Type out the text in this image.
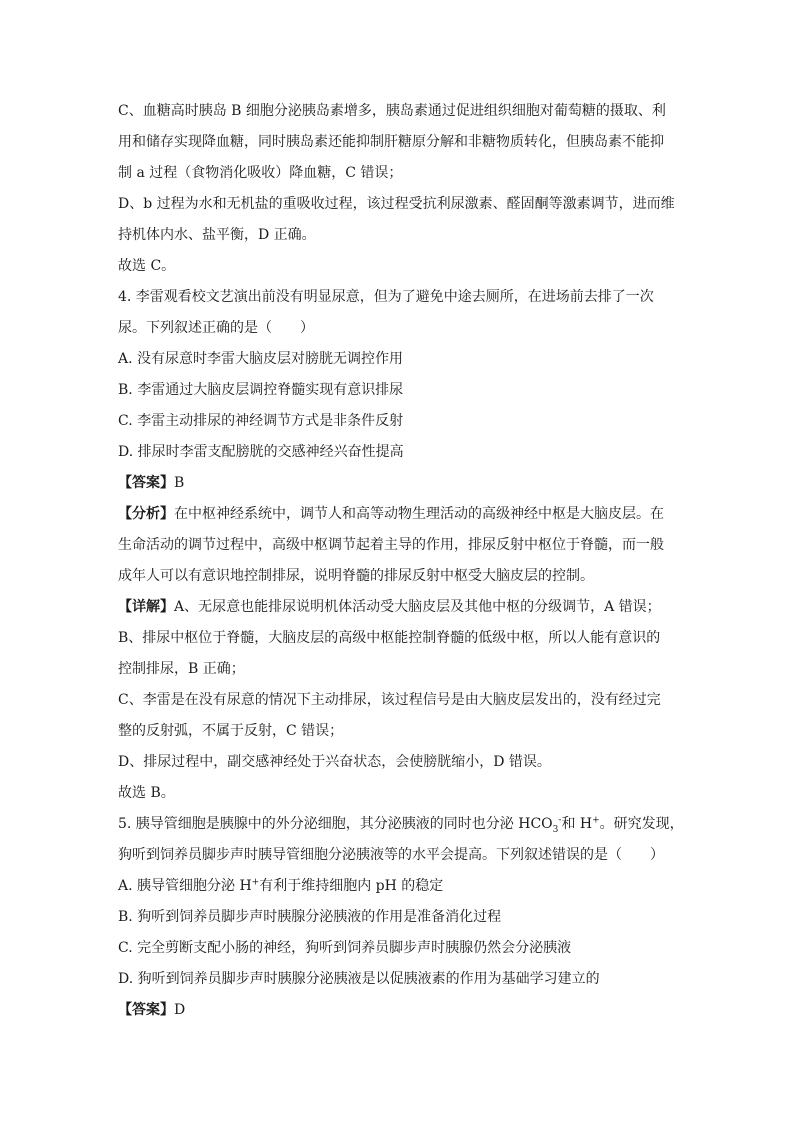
C、血糖高时胰岛 B 细胞分泌胰岛素增多，胰岛素通过促进组织细胞对葡萄糖的摄取、利

用和储存实现降血糖，同时胰岛素还能抑制肝糖原分解和非糖物质转化，但胰岛素不能抑

制 a 过程（食物消化吸收）降血糖，C 错误；

D、b 过程为水和无机盐的重吸收过程，该过程受抗利尿激素、醛固酮等激素调节，进而维

持机体内水、盐平衡，D 正确。

故选 C。

4. 李雷观看校文艺演出前没有明显尿意，但为了避免中途去厕所，在进场前去排了一次

尿。下列叙述正确的是（　　）

A. 没有尿意时李雷大脑皮层对膀胱无调控作用

B. 李雷通过大脑皮层调控脊髓实现有意识排尿

C. 李雷主动排尿的神经调节方式是非条件反射

D. 排尿时李雷支配膀胱的交感神经兴奋性提高

【答案】B

【分析】在中枢神经系统中，调节人和高等动物生理活动的高级神经中枢是大脑皮层。在

生命活动的调节过程中，高级中枢调节起着主导的作用，排尿反射中枢位于脊髓，而一般

成年人可以有意识地控制排尿，说明脊髓的排尿反射中枢受大脑皮层的控制。

【详解】A、无尿意也能排尿说明机体活动受大脑皮层及其他中枢的分级调节，A 错误；

B、排尿中枢位于脊髓，大脑皮层的高级中枢能控制脊髓的低级中枢，所以人能有意识的

控制排尿，B 正确；

C、李雷是在没有尿意的情况下主动排尿，该过程信号是由大脑皮层发出的，没有经过完

整的反射弧，不属于反射，C 错误；

D、排尿过程中，副交感神经处于兴奋状态，会使膀胱缩小，D 错误。

故选 B。

5. 胰导管细胞是胰腺中的外分泌细胞，其分泌胰液的同时也分泌 $HCO_3^-$和 H+。研究发现，

狗听到饲养员脚步声时胰导管细胞分泌胰液等的水平会提高。下列叙述错误的是（　　）

A. 胰导管细胞分泌 H+有利于维持细胞内 pH 的稳定

B. 狗听到饲养员脚步声时胰腺分泌胰液的作用是准备消化过程

C. 完全剪断支配小肠的神经，狗听到饲养员脚步声时胰腺仍然会分泌胰液

D. 狗听到饲养员脚步声时胰腺分泌胰液是以促胰液素的作用为基础学习建立的

【答案】D
